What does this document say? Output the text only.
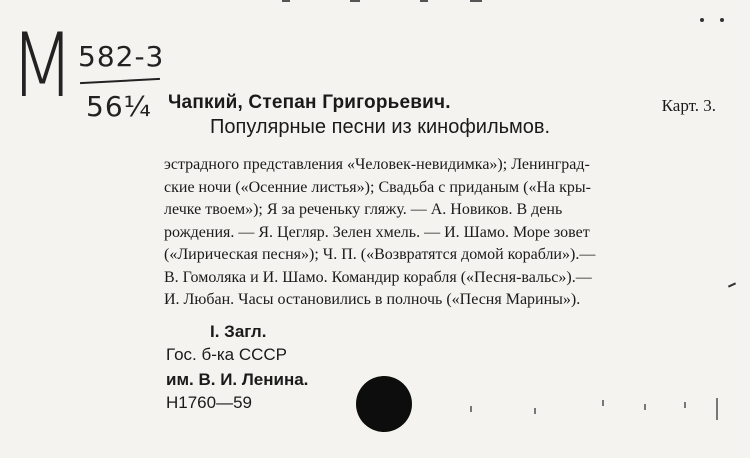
М 582-3
56¼	Карт. 3.
Чапкий, Степан Григорьевич.
Популярные песни из кинофильмов.

эстрадного представления «Человек-невидимка»); Ленинград-

ские ночи («Осенние листья»); Свадьба с приданым («На кры-

лечке твоем»); Я за реченьку гляжу. — А. Новиков. В день

рождения. — Я. Цегляр. Зелен хмель. — И. Шамо. Море зовет

(«Лирическая песня»); Ч. П. («Возвратятся домой корабли»).—

В. Гомоляка и И. Шамо. Командир корабля («Песня-вальс»).—

И. Любан. Часы остановились в полночь («Песня Марины»).

I. Загл.
Гос. б-ка СССР
им. В. И. Ленина.
Н1760—59
